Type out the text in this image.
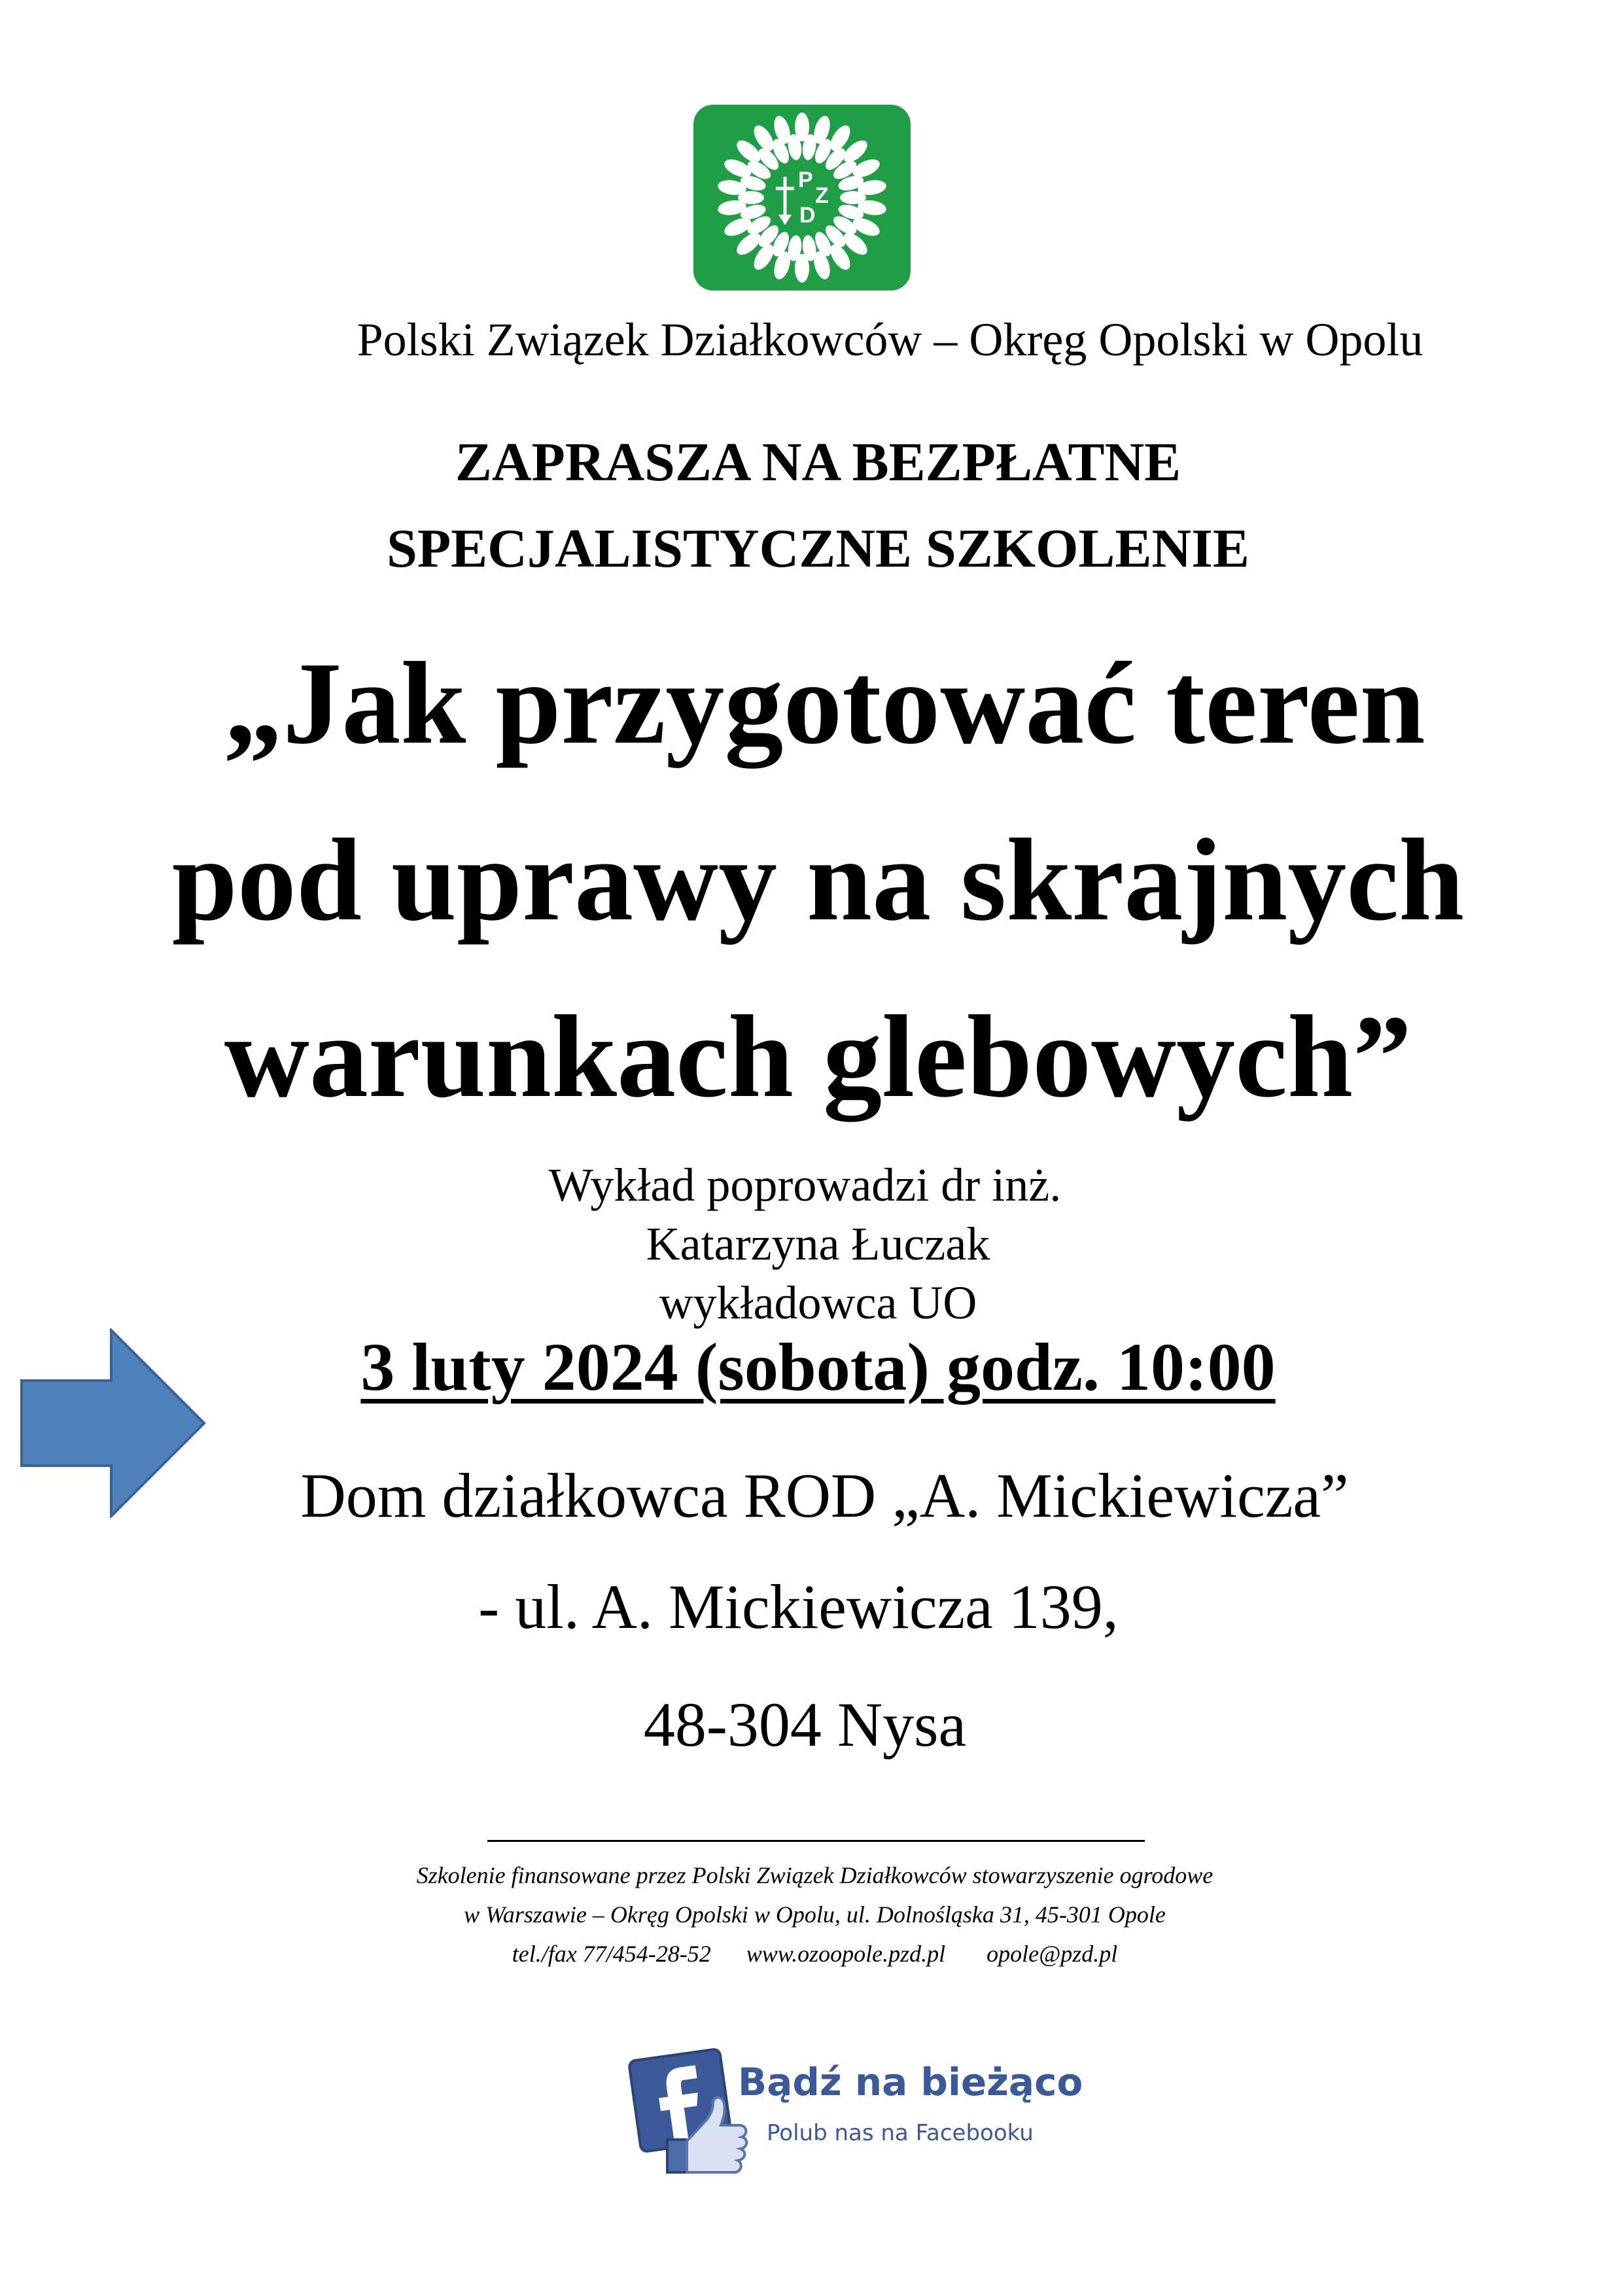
P
Z
D
Polski Związek Działkowców – Okręg Opolski w Opolu
ZAPRASZA NA BEZPŁATNE
SPECJALISTYCZNE SZKOLENIE
„Jak przygotować teren
pod uprawy na skrajnych
warunkach glebowych”
Wykład poprowadzi dr inż.
Katarzyna Łuczak
wykładowca UO
3 luty 2024 (sobota) godz. 10:00
Dom działkowca ROD „A. Mickiewicza”
- ul. A. Mickiewicza 139,
48-304 Nysa
Szkolenie finansowane przez Polski Związek Działkowców stowarzyszenie ogrodowe
w Warszawie – Okręg Opolski w Opolu, ul. Dolnośląska 31, 45-301 Opole
tel./fax 77/454-28-52      www.ozoopole.pzd.pl       opole@pzd.pl
Bądź na bieżąco
Polub nas na Facebooku
